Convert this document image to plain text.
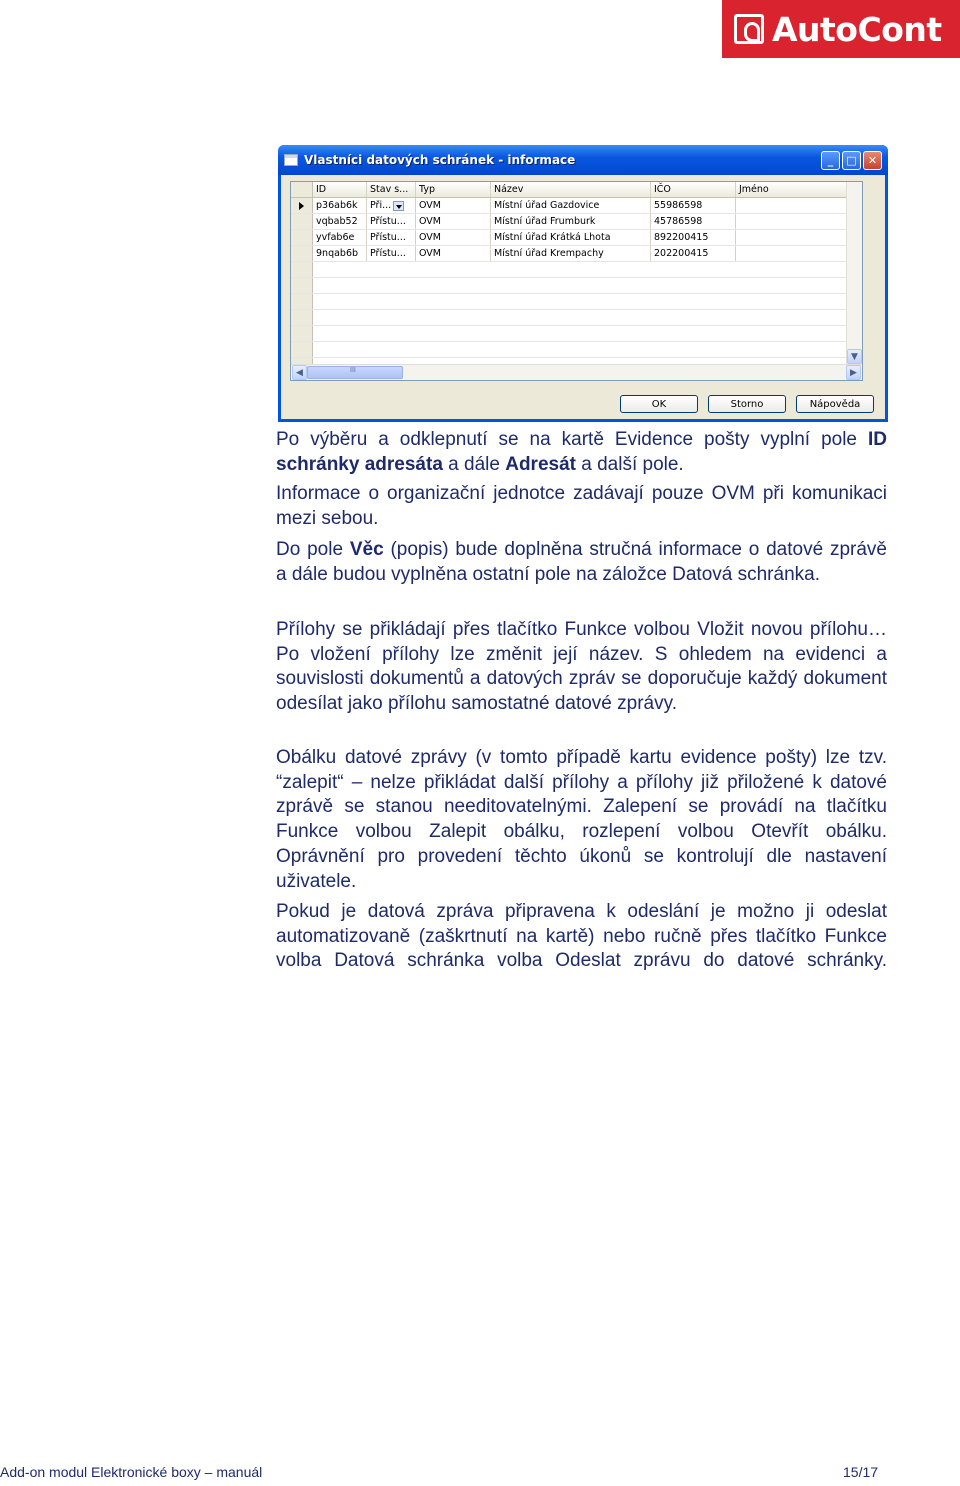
AutoCont
Vlastníci datových schránek - informace	_	□	✕
ID	Stav s...	Typ	Název	IČO	Jméno
p36ab6k	Při...	OVM	Místní úřad Gazdovice	55986598
vqbab52	Přístu...	OVM	Místní úřad Frumburk	45786598
yvfab6e	Přístu...	OVM	Místní úřad Krátká Lhota	892200415
9nqab6b	Přístu...	OVM	Místní úřad Krempachy	202200415
▼
◀	III	▶
OK	Storno	Nápověda
Po výběru a odklepnutí se na kartě Evidence pošty vyplní pole ID schránky adresáta a dále Adresát a další pole.
Informace o organizační jednotce zadávají pouze OVM při komunikaci mezi sebou.
Do pole Věc (popis) bude doplněna stručná informace o datové zprávě a dále budou vyplněna ostatní pole na záložce Datová schránka.
Přílohy se přikládají přes tlačítko Funkce volbou Vložit novou přílohu… Po vložení přílohy lze změnit její název. S ohledem na evidenci a souvislosti dokumentů a datových zpráv se doporučuje každý dokument odesílat jako přílohu samostatné datové zprávy.
Obálku datové zprávy (v tomto případě kartu evidence pošty) lze tzv. “zalepit“ – nelze přikládat další přílohy a přílohy již přiložené k datové zprávě se stanou needitovatelnými. Zalepení se provádí na tlačítku Funkce volbou Zalepit obálku, rozlepení volbou Otevřít obálku. Oprávnění pro provedení těchto úkonů se kontrolují dle nastavení uživatele.
Pokud je datová zpráva připravena k odeslání je možno ji odeslat automatizovaně (zaškrtnutí na kartě) nebo ručně přes tlačítko Funkce volba Datová schránka volba Odeslat zprávu do datové schránky.
Add-on modul Elektronické boxy – manuál	15/17
